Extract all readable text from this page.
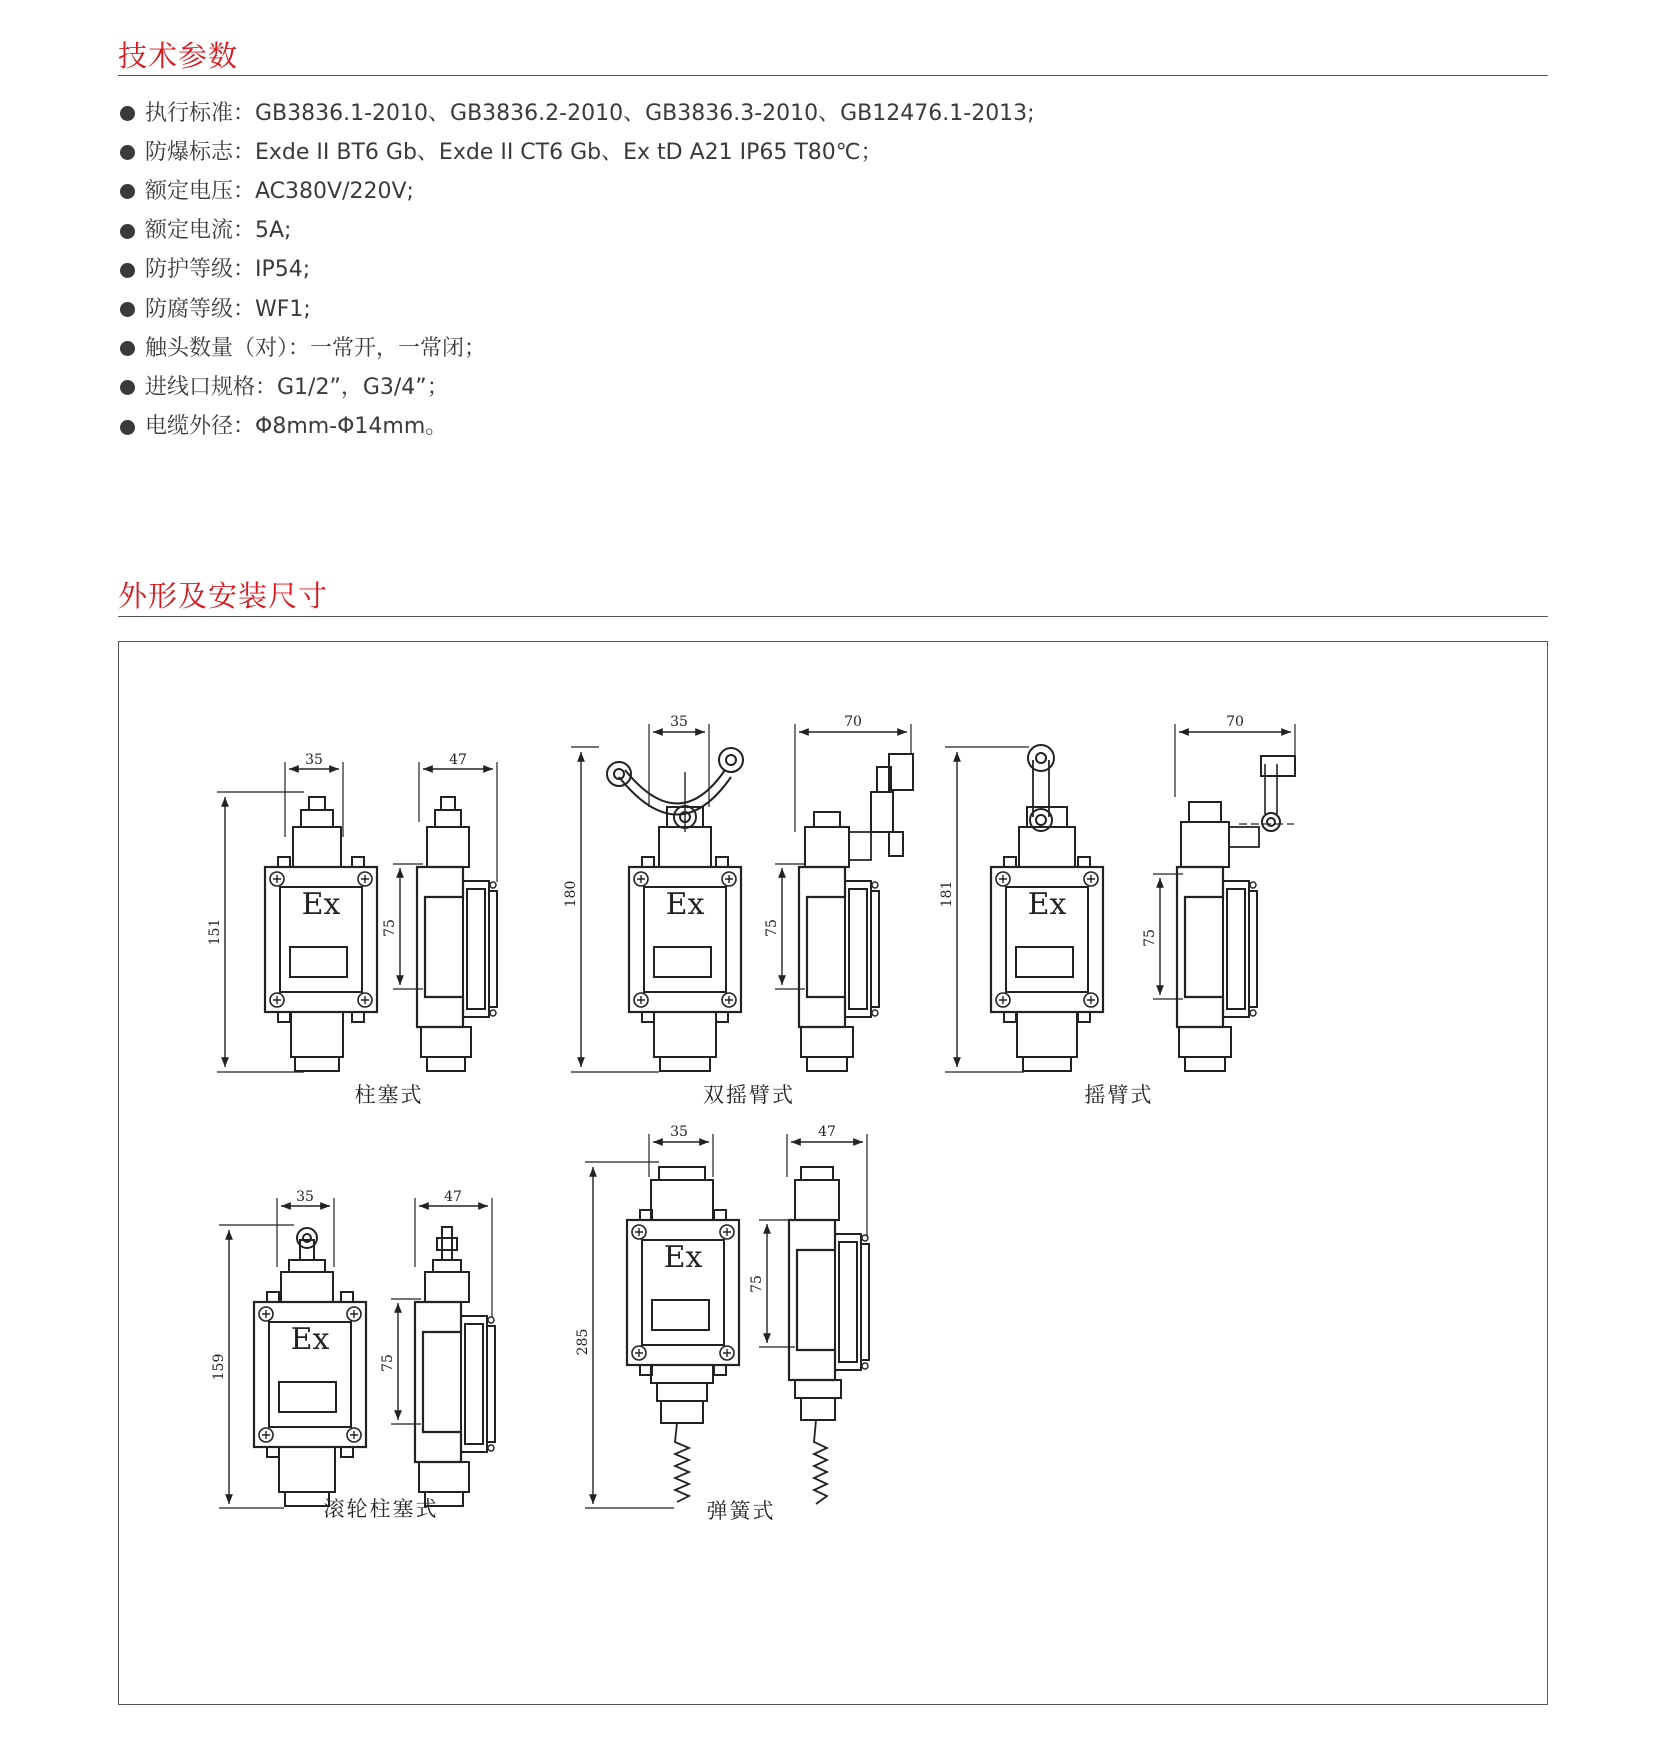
技术参数
执行标准：GB3836.1-2010、GB3836.2-2010、GB3836.3-2010、GB12476.1-2013;
防爆标志：Exde II BT6 Gb、Exde II CT6 Gb、Ex tD A21 IP65 T80℃；
额定电压：AC380V/220V;
额定电流：5A;
防护等级：IP54;
防腐等级：WF1;
触头数量（对）：一常开，一常闭；
进线口规格：G1/2”，G3/4”；
电缆外径：Φ8mm-Φ14mm。
外形及安装尺寸
Ex
151
35	47
75
柱塞式
Ex
180
35	70
75
双摇臂式
Ex
181
70
75
摇臂式
Ex
159
35	47
75
滚轮柱塞式
Ex
285
35	47
75
弹簧式
